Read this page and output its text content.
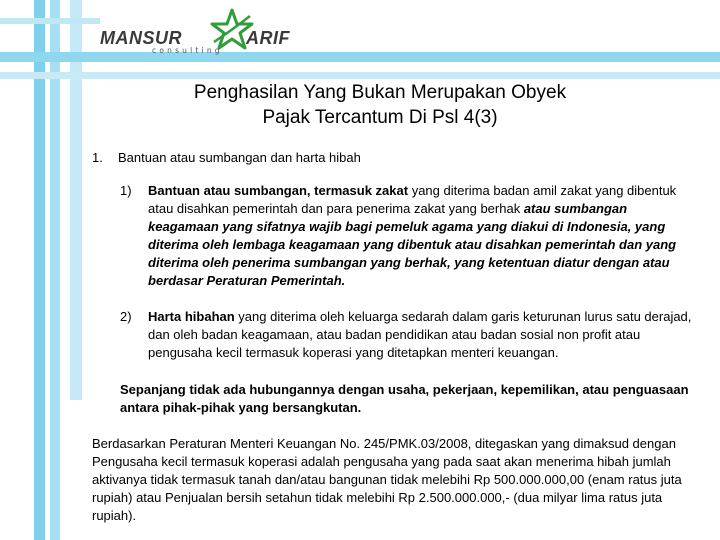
MANSUR	ARIF
consulting
Penghasilan Yang Bukan Merupakan Obyek
Pajak Tercantum Di Psl 4(3)
1. Bantuan atau sumbangan dan harta hibah
1) Bantuan atau sumbangan, termasuk zakat yang diterima badan amil zakat yang dibentuk atau disahkan pemerintah dan para penerima zakat yang berhak atau sumbangan keagamaan yang sifatnya wajib bagi pemeluk agama yang diakui di Indonesia, yang diterima oleh lembaga keagamaan yang dibentuk atau disahkan pemerintah dan yang diterima oleh penerima sumbangan yang berhak, yang ketentuan diatur dengan atau berdasar Peraturan Pemerintah.
2) Harta hibahan yang diterima oleh keluarga sedarah dalam garis keturunan lurus satu derajad, dan oleh badan keagamaan, atau badan pendidikan atau badan sosial non profit atau pengusaha kecil termasuk koperasi yang ditetapkan menteri keuangan.
Sepanjang tidak ada hubungannya dengan usaha, pekerjaan, kepemilikan, atau penguasaan antara pihak-pihak yang bersangkutan.
Berdasarkan Peraturan Menteri Keuangan No. 245/PMK.03/2008, ditegaskan yang dimaksud dengan Pengusaha kecil termasuk koperasi adalah pengusaha yang pada saat akan menerima hibah jumlah aktivanya tidak termasuk tanah dan/atau bangunan tidak melebihi Rp 500.000.000,00 (enam ratus juta rupiah) atau Penjualan bersih setahun tidak melebihi Rp 2.500.000.000,- (dua milyar lima ratus juta rupiah).
